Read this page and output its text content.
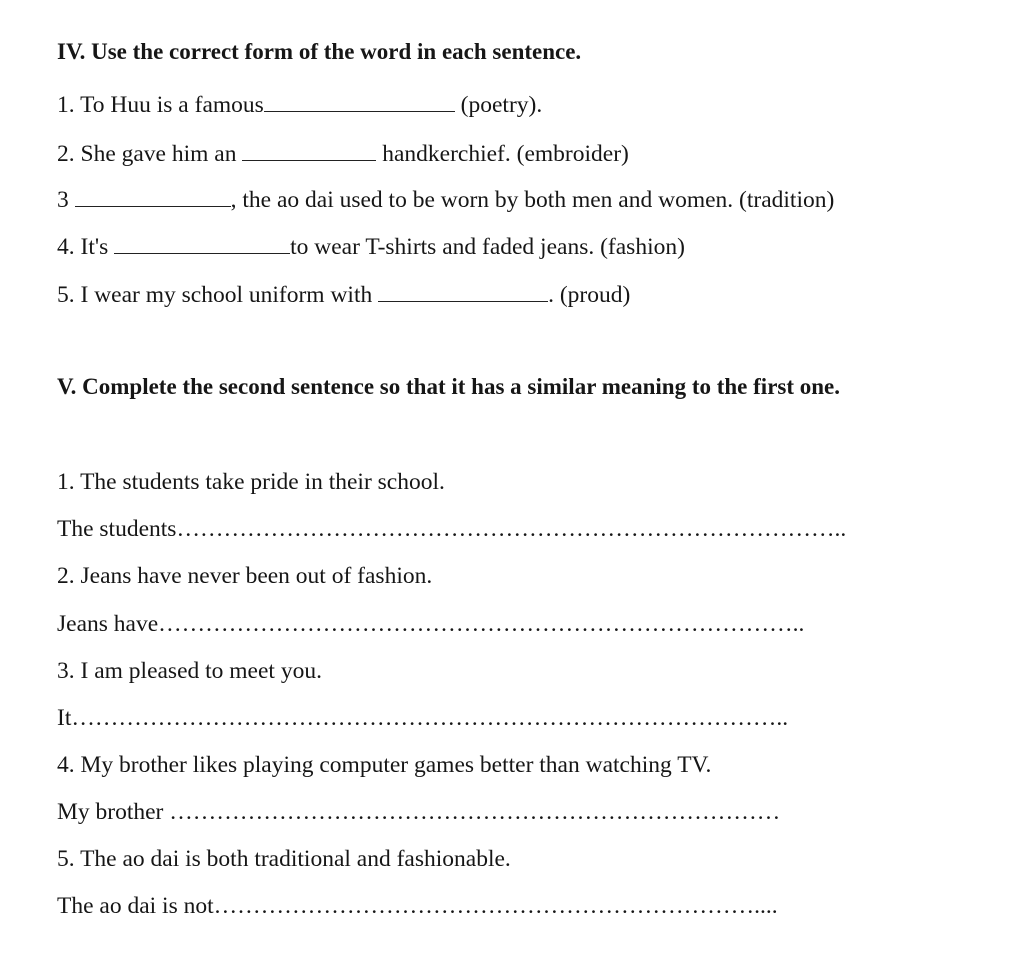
IV. Use the correct form of the word in each sentence.
1. To Huu is a famous	(poetry).
2. She gave him an	handkerchief. (embroider)
3	, the ao dai used to be worn by both men and women. (tradition)
4. It's	to wear T-shirts and faded jeans. (fashion)
5. I wear my school uniform with	. (proud)
V. Complete the second sentence so that it has a similar meaning to the first one.
1. The students take pride in their school.
The students…………………………………………………………………………..
2. Jeans have never been out of fashion.
Jeans have………………………………………………………………………..
3. I am pleased to meet you.
It………………………………………………………………………………..
4. My brother likes playing computer games better than watching TV.
My brother ……………………………………………………………………
5. The ao dai is both traditional and fashionable.
The ao dai is not……………………………………………………………....
